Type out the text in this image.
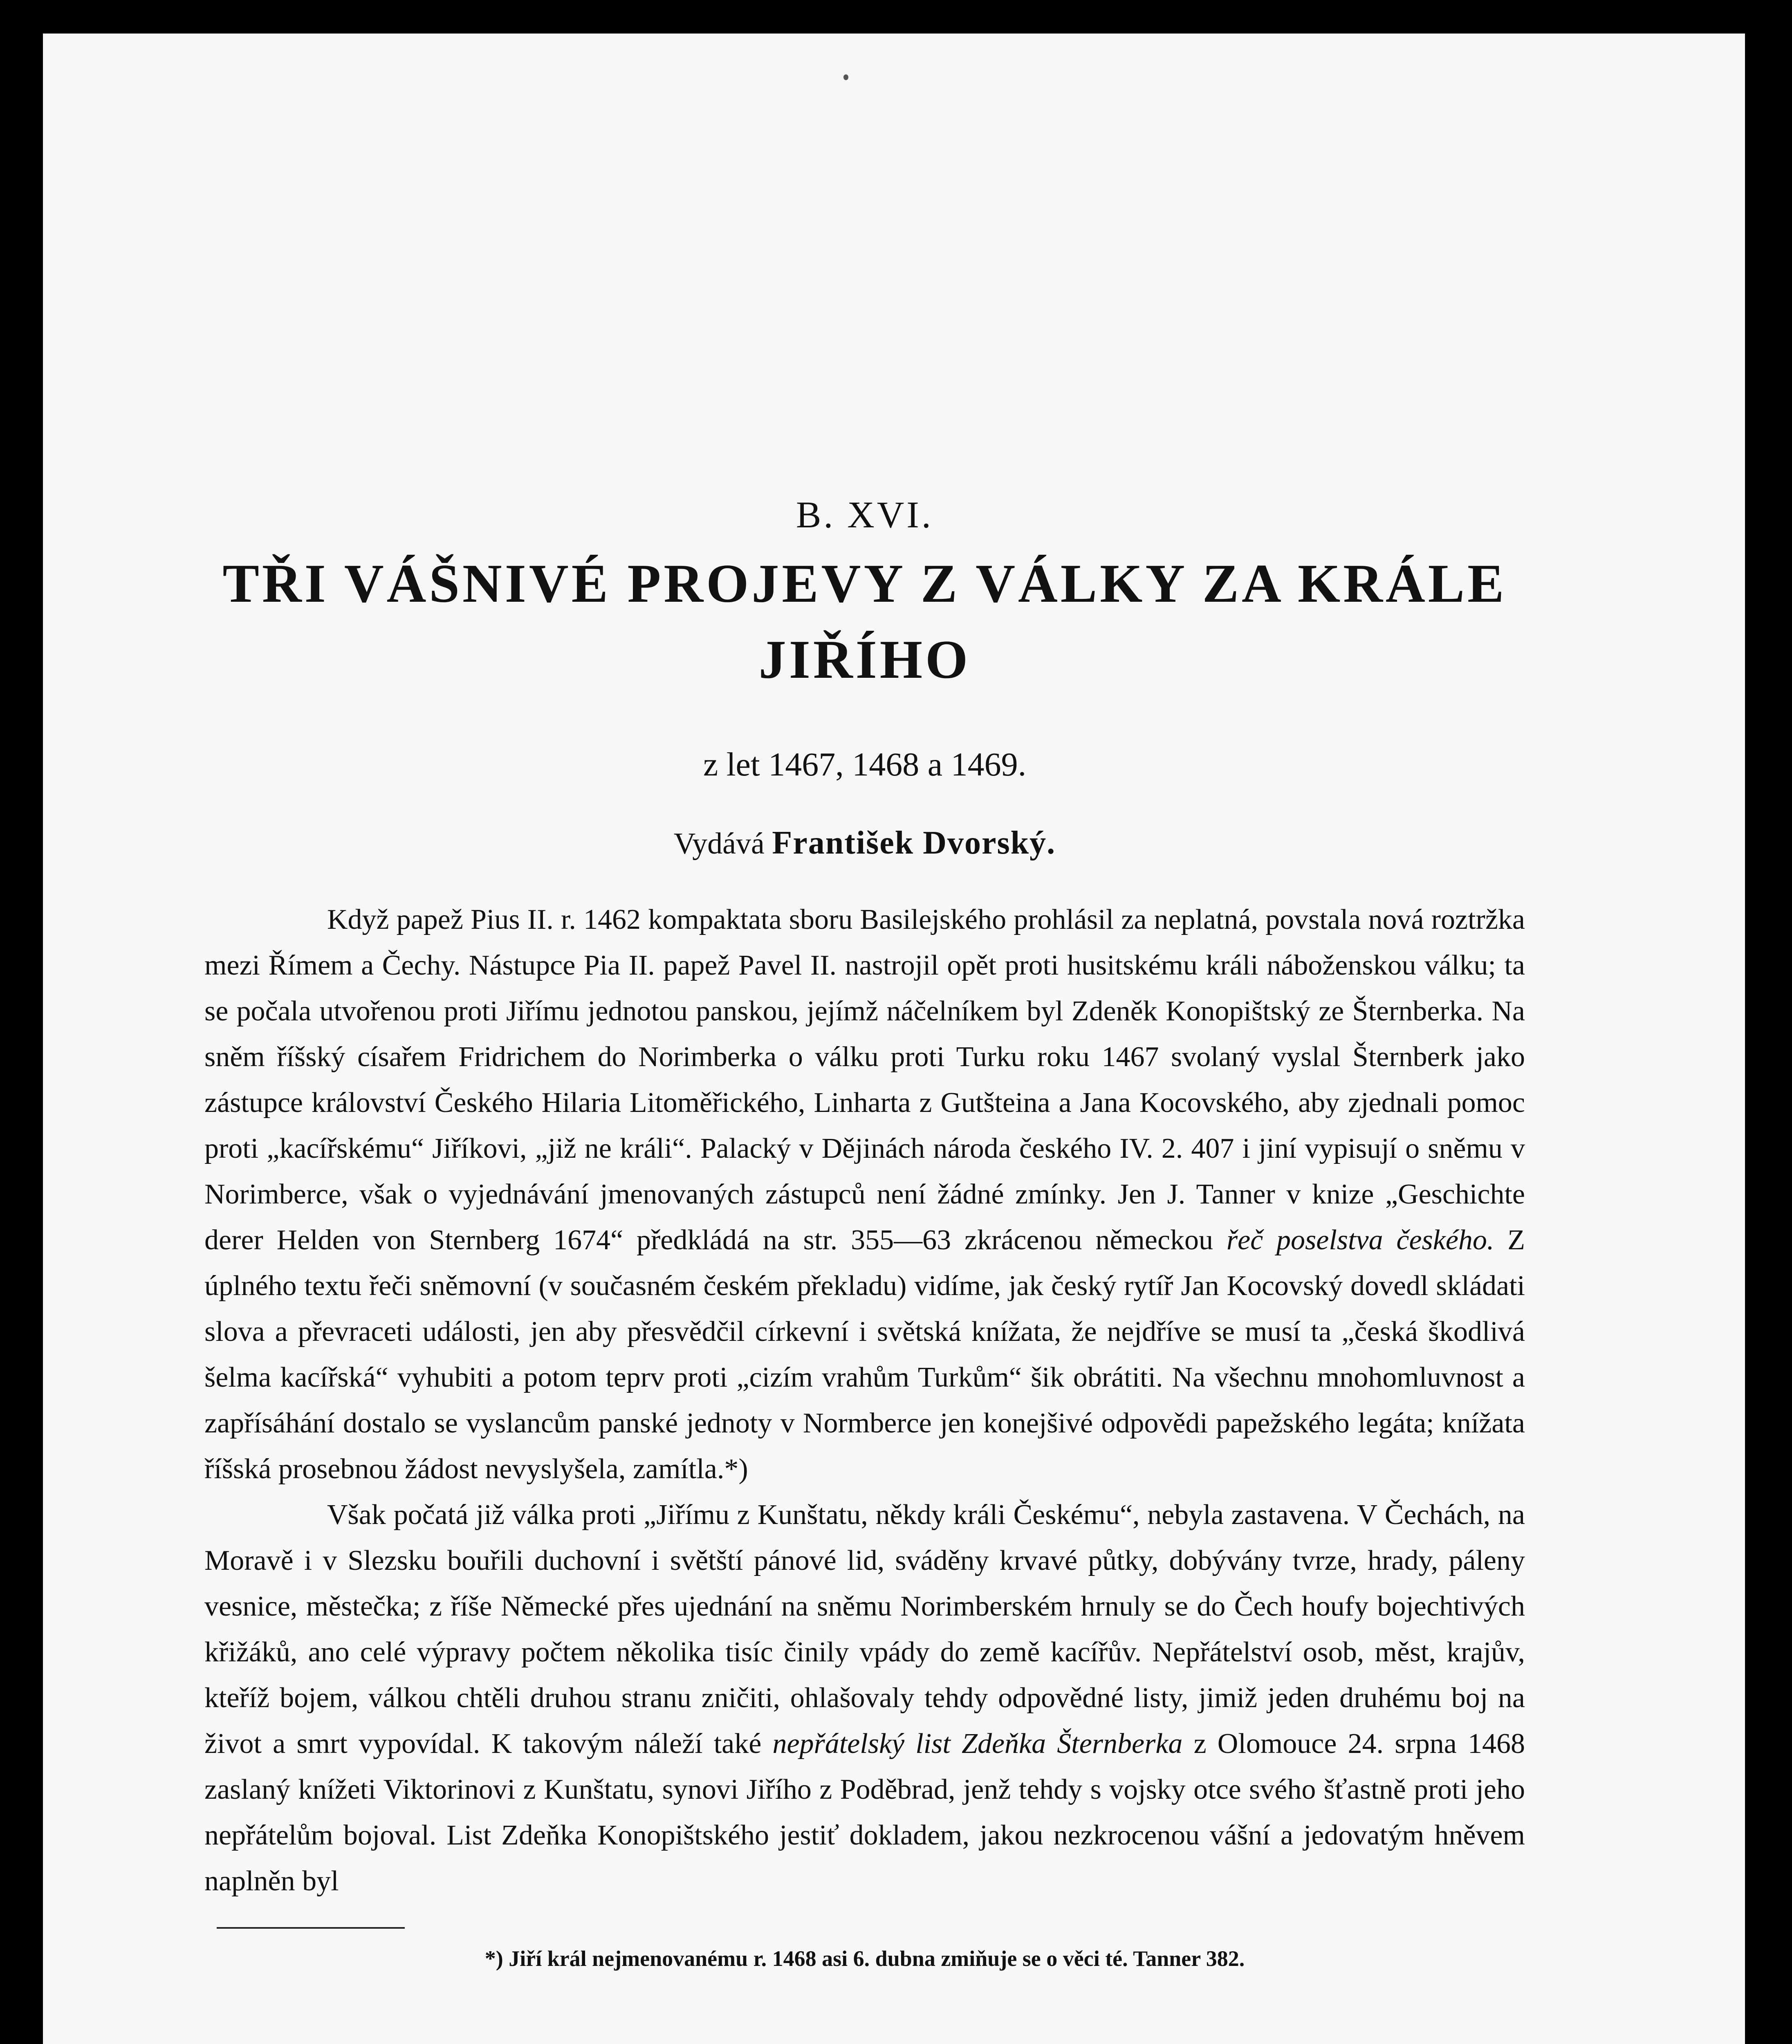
B. XVI.

TŘI VÁŠNIVÉ PROJEVY Z VÁLKY ZA KRÁLE JIŘÍHO

z let 1467, 1468 a 1469.

Vydává František Dvorský.

Když papež Pius II. r. 1462 kompaktata sboru Basilejského prohlásil za neplatná, povstala nová roztržka mezi Římem a Čechy. Nástupce Pia II. papež Pavel II. nastrojil opět proti husitskému králi náboženskou válku; ta se počala utvořenou proti Jiřímu jednotou panskou, jejímž náčelníkem byl Zdeněk Konopištský ze Šternberka. Na sněm říšský císařem Fridrichem do Norimberka o válku proti Turku roku 1467 svolaný vyslal Šternberk jako zástupce království Českého Hilaria Litoměřického, Linharta z Gutšteina a Jana Kocovského, aby zjednali pomoc proti „kacířskému“ Jiříkovi, „již ne králi“. Palacký v Dějinách národa českého IV. 2. 407 i jiní vypisují o sněmu v Norimberce, však o vyjednávání jmenovaných zástupců není žádné zmínky. Jen J. Tanner v knize „Geschichte derer Helden von Sternberg 1674“ předkládá na str. 355—63 zkrácenou německou řeč poselstva českého. Z úplného textu řeči sněmovní (v současném českém překladu) vidíme, jak český rytíř Jan Kocovský dovedl skládati slova a převraceti události, jen aby přesvědčil církevní i světská knížata, že nejdříve se musí ta „česká škodlivá šelma kacířská“ vyhubiti a potom teprv proti „cizím vrahům Turkům“ šik obrátiti. Na všechnu mnohomluvnost a zapřísáhání dostalo se vyslancům panské jednoty v Normberce jen konejšivé odpovědi papežského legáta; knížata říšská prosebnou žádost nevyslyšela, zamítla.*)

Však počatá již válka proti „Jiřímu z Kunštatu, někdy králi Českému“, nebyla zastavena. V Čechách, na Moravě i v Slezsku bouřili duchovní i světští pánové lid, sváděny krvavé půtky, dobývány tvrze, hrady, páleny vesnice, městečka; z říše Německé přes ujednání na sněmu Norimberském hrnuly se do Čech houfy bojechtivých křižáků, ano celé výpravy počtem několika tisíc činily vpády do země kacířův. Nepřátelství osob, měst, krajův, kteříž bojem, válkou chtěli druhou stranu zničiti, ohlašovaly tehdy odpovědné listy, jimiž jeden druhému boj na život a smrt vypovídal. K takovým náleží také nepřátelský list Zdeňka Šternberka z Olomouce 24. srpna 1468 zaslaný knížeti Viktorinovi z Kunštatu, synovi Jiřího z Poděbrad, jenž tehdy s vojsky otce svého šťastně proti jeho nepřátelům bojoval. List Zdeňka Konopištského jestiť dokladem, jakou nezkrocenou vášní a jedovatým hněvem naplněn byl

*) Jiří král nejmenovanému r. 1468 asi 6. dubna zmiňuje se o věci té. Tanner 382.
